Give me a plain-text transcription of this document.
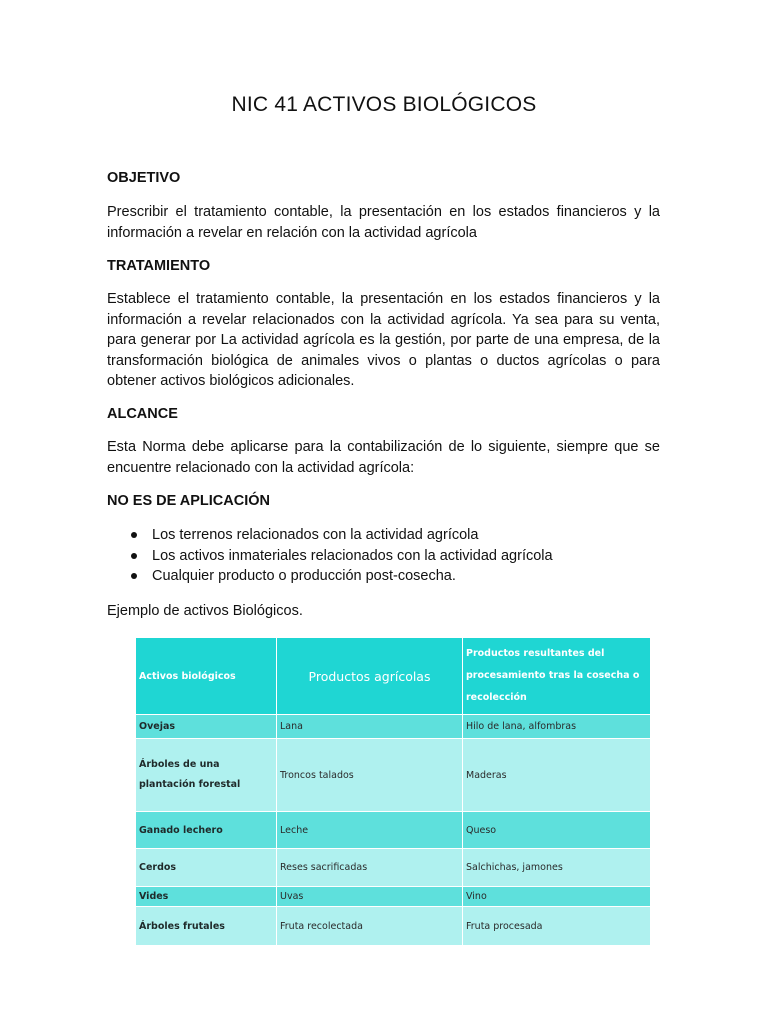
NIC 41 ACTIVOS BIOLÓGICOS
OBJETIVO

Prescribir el tratamiento contable, la presentación en los estados financieros y la información a revelar en relación con la actividad agrícola

TRATAMIENTO

Establece el tratamiento contable, la presentación en los estados financieros y la información a revelar relacionados con la actividad agrícola. Ya sea para su venta, para generar por La actividad agrícola es la gestión, por parte de una empresa, de la transformación biológica de animales vivos o plantas o ductos agrícolas o para obtener activos biológicos adicionales.

ALCANCE

Esta Norma debe aplicarse para la contabilización de lo siguiente, siempre que se encuentre relacionado con la actividad agrícola:

NO ES DE APLICACIÓN
Los terrenos relacionados con la actividad agrícola
Los activos inmateriales relacionados con la actividad agrícola
Cualquier producto o producción post-cosecha.

Ejemplo de activos Biológicos.

Activos biológicos	Productos agrícolas	Productos resultantes del procesamiento tras la cosecha o recolección
Ovejas	Lana	Hilo de lana, alfombras
Árboles de una plantación forestal	Troncos talados	Maderas
Ganado lechero	Leche	Queso
Cerdos	Reses sacrificadas	Salchichas, jamones
Vides	Uvas	Vino
Árboles frutales	Fruta recolectada	Fruta procesada
